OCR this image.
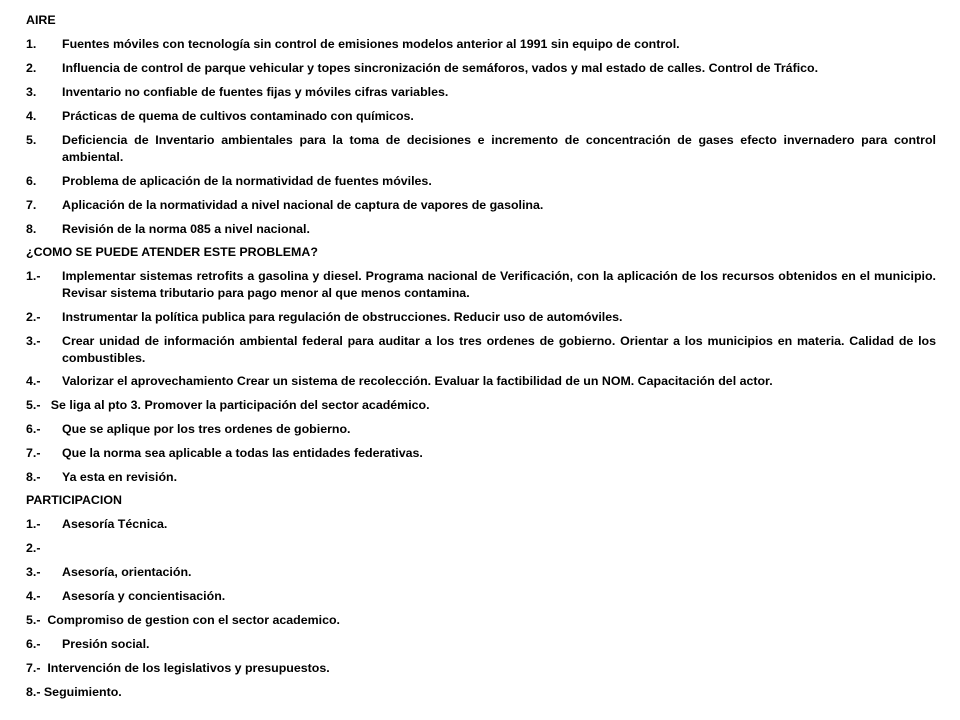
AIRE
1. Fuentes móviles con tecnología sin control de emisiones modelos anterior al 1991 sin equipo de control.
2. Influencia de control de parque vehicular y topes sincronización de semáforos, vados y mal estado de calles. Control de Tráfico.
3. Inventario no confiable de fuentes fijas y móviles cifras variables.
4. Prácticas de quema de cultivos contaminado con químicos.
5. Deficiencia de Inventario ambientales para la toma de decisiones e incremento de concentración de gases efecto invernadero para control ambiental.
6. Problema de aplicación de la normatividad de fuentes móviles.
7. Aplicación de la normatividad a nivel nacional de captura de vapores de gasolina.
8. Revisión de la norma 085 a nivel nacional.
¿COMO SE PUEDE ATENDER ESTE PROBLEMA?
1.- Implementar sistemas retrofits a gasolina y diesel. Programa nacional de Verificación, con la aplicación de los recursos obtenidos en el municipio. Revisar sistema tributario para pago menor al que menos contamina.
2.- Instrumentar la política publica para regulación de obstrucciones. Reducir uso de automóviles.
3.- Crear unidad de información ambiental federal para auditar a los tres ordenes de gobierno. Orientar a los municipios en materia. Calidad de los combustibles.
4.- Valorizar el aprovechamiento Crear un sistema de recolección. Evaluar la factibilidad de un NOM. Capacitación del actor.
5.- Se liga al pto 3. Promover la participación del sector académico.
6.- Que se aplique por los tres ordenes de gobierno.
7.- Que la norma sea aplicable a todas las entidades federativas.
8.- Ya esta en revisión.
PARTICIPACION
1.- Asesoría Técnica.
2.-
3.- Asesoría, orientación.
4.- Asesoría y concientisación.
5.- Compromiso de gestion con el sector academico.
6.- Presión social.
7.- Intervención de los legislativos y presupuestos.
8.- Seguimiento.
